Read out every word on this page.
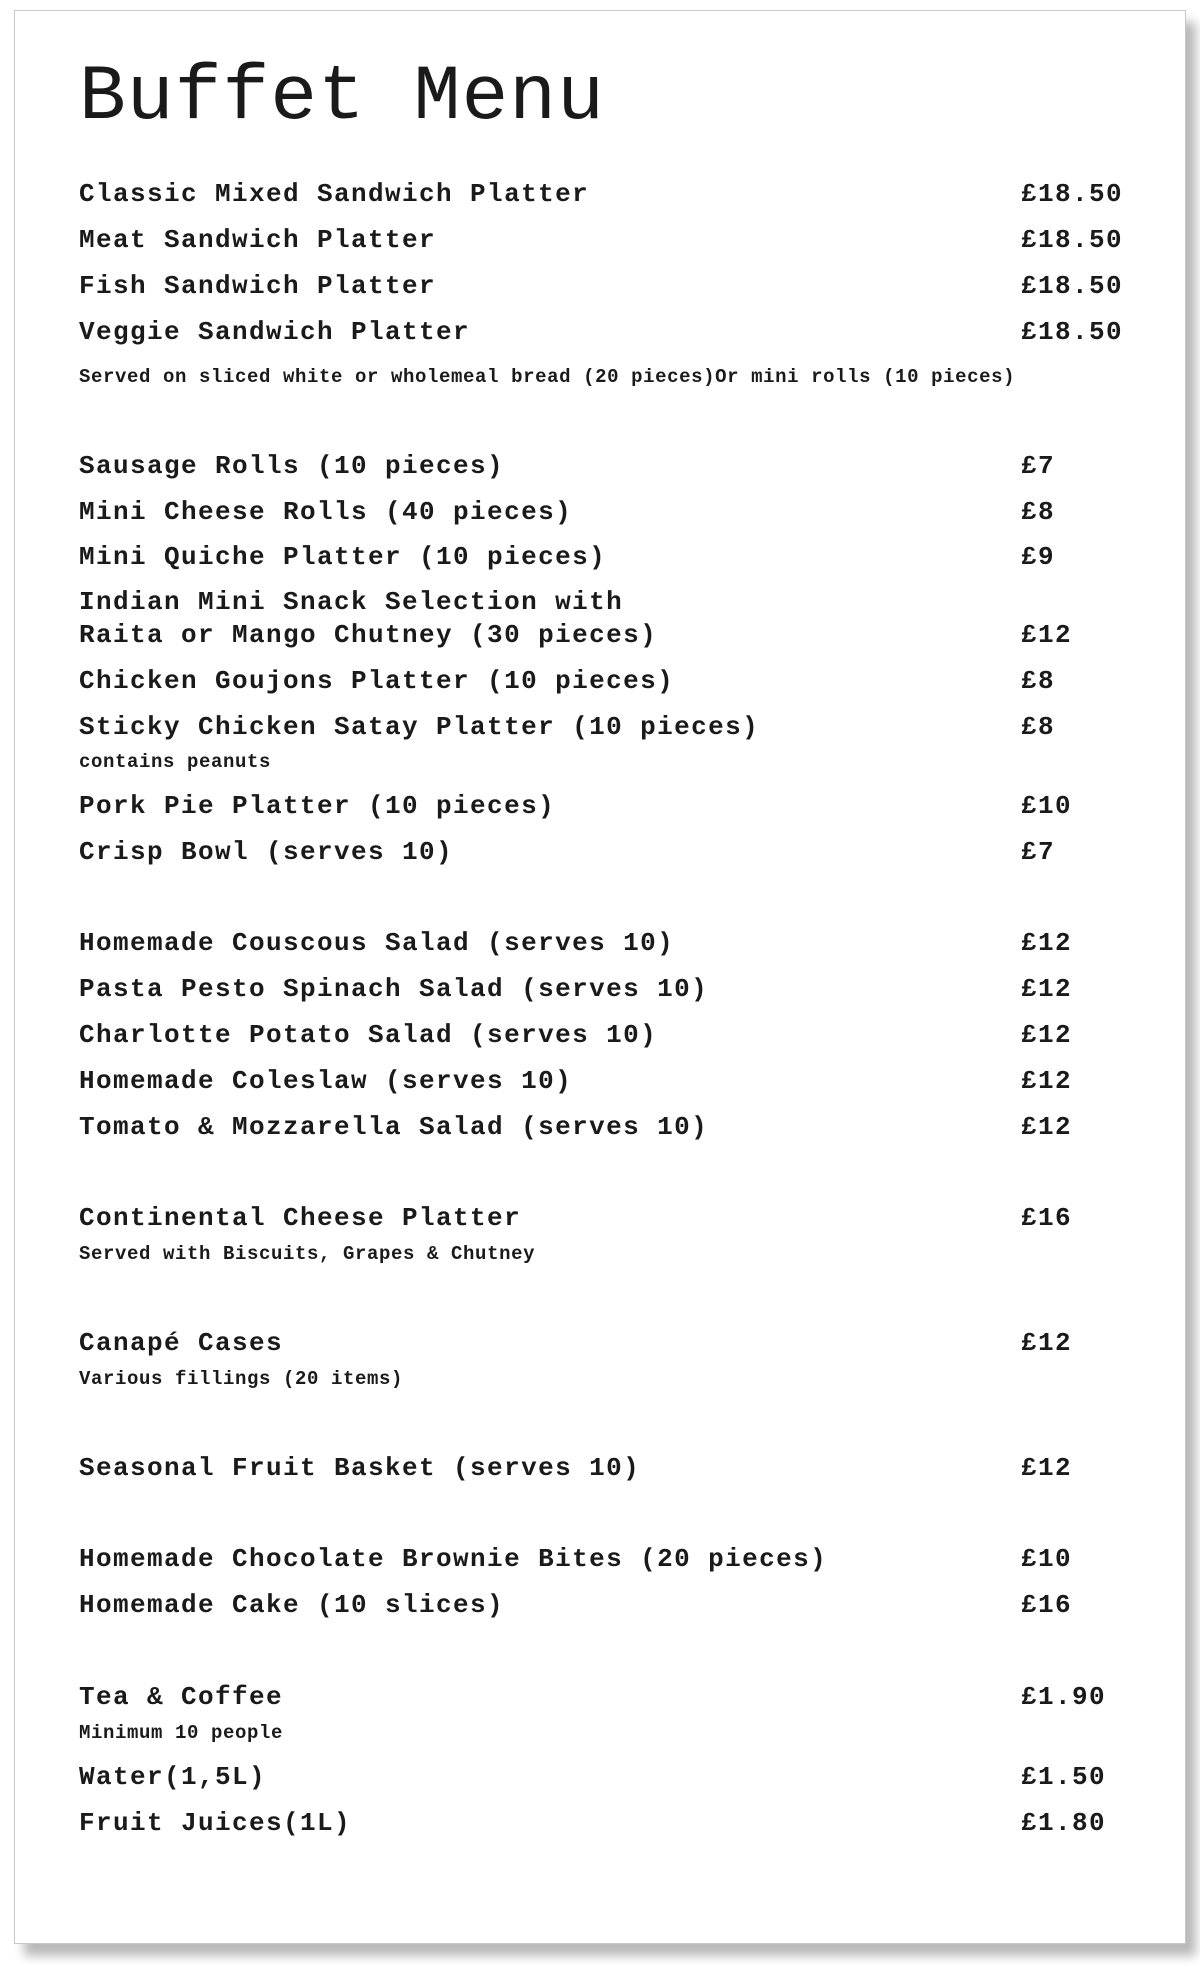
Buffet Menu
Classic Mixed Sandwich Platter	£18.50
Meat Sandwich Platter	£18.50
Fish Sandwich Platter	£18.50
Veggie Sandwich Platter	£18.50
Served on sliced white or wholemeal bread (20 pieces)Or mini rolls (10 pieces)
Sausage Rolls (10 pieces)	£7
Mini Cheese Rolls (40 pieces)	£8
Mini Quiche Platter (10 pieces)	£9
Indian Mini Snack Selection with
Raita or Mango Chutney (30 pieces)	£12
Chicken Goujons Platter (10 pieces)	£8
Sticky Chicken Satay Platter (10 pieces)	£8
contains peanuts
Pork Pie Platter (10 pieces)	£10
Crisp Bowl (serves 10)	£7
Homemade Couscous Salad (serves 10)	£12
Pasta Pesto Spinach Salad (serves 10)	£12
Charlotte Potato Salad (serves 10)	£12
Homemade Coleslaw (serves 10)	£12
Tomato & Mozzarella Salad (serves 10)	£12
Continental Cheese Platter	£16
Served with Biscuits, Grapes & Chutney
Canapé Cases	£12
Various fillings (20 items)
Seasonal Fruit Basket (serves 10)	£12
Homemade Chocolate Brownie Bites (20 pieces)	£10
Homemade Cake (10 slices)	£16
Tea & Coffee	£1.90
Minimum 10 people
Water(1,5L)	£1.50
Fruit Juices(1L)	£1.80
